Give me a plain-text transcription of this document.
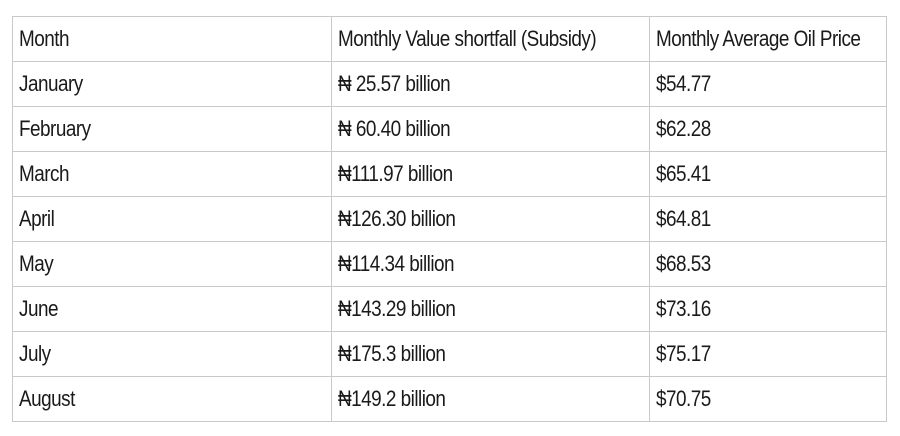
Month	Monthly Value shortfall (Subsidy)	Monthly Average Oil Price
January	₦ 25.57 billion	$54.77
February	₦ 60.40 billion	$62.28
March	₦111.97 billion	$65.41
April	₦126.30 billion	$64.81
May	₦114.34 billion	$68.53
June	₦143.29 billion	$73.16
July	₦175.3 billion	$75.17
August	₦149.2 billion	$70.75
